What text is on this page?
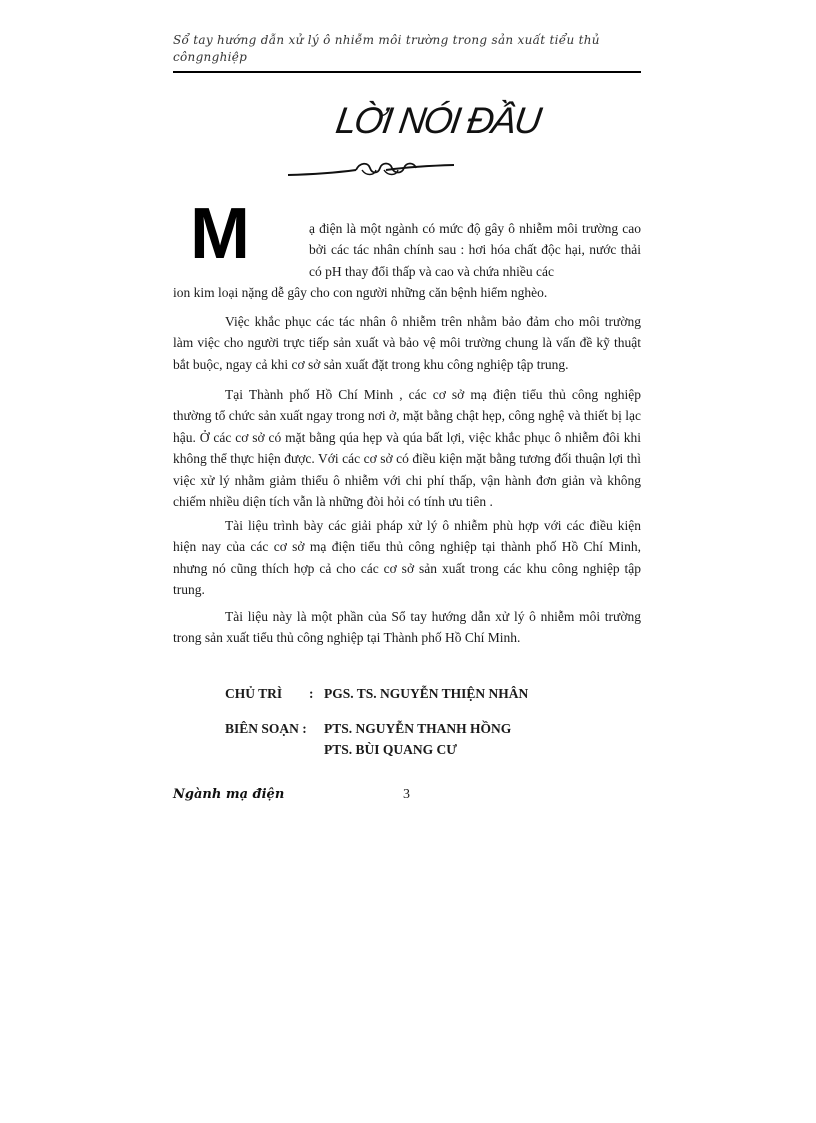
Sổ tay hướng dẫn xử lý ô nhiễm môi trường trong sản xuất tiểu thủ côngnghiệp
LỜI NÓI ĐẦU
M	ạ điện là một ngành có mức độ gây ô nhiễm môi trường cao bởi các tác nhân chính sau : hơi hóa chất độc hại, nước thải có pH thay đổi thấp và cao và chứa nhiều các

ion kim loại nặng dễ gây cho con người những căn bệnh hiểm nghèo.

Việc khắc phục các tác nhân ô nhiễm trên nhằm bảo đảm cho môi trường làm việc cho người trực tiếp sản xuất và bảo vệ môi trường chung là vấn đề kỹ thuật bắt buộc, ngay cả khi cơ sở sản xuất đặt trong khu công nghiệp tập trung.

Tại Thành phố Hồ Chí Minh , các cơ sở mạ điện tiểu thủ công nghiệp thường tổ chức sản xuất ngay trong nơi ở, mặt bằng chật hẹp, công nghệ và thiết bị lạc hậu. Ở các cơ sở có mặt bằng qúa hẹp và qúa bất lợi, việc khắc phục ô nhiễm đôi khi không thể thực hiện được. Với các cơ sở có điều kiện mặt bằng tương đối thuận lợi thì việc xử lý nhằm giảm thiểu ô nhiễm với chi phí thấp, vận hành đơn giản và không chiếm nhiều diện tích vẫn là những đòi hỏi có tính ưu tiên .

Tài liệu trình bày các giải pháp xử lý ô nhiễm phù hợp với các điều kiện hiện nay của các cơ sở mạ điện tiểu thủ công nghiệp tại thành phố Hồ Chí Minh, nhưng nó cũng thích hợp cả cho các cơ sở sản xuất trong các khu công nghiệp tập trung.

Tài liệu này là một phần của Sổ tay hướng dẫn xử lý ô nhiễm môi trường trong sản xuất tiểu thủ công nghiệp tại Thành phố Hồ Chí Minh.

CHỦ TRÌ	: PGS. TS. NGUYỄN THIỆN NHÂN
BIÊN SOẠN :	PTS. NGUYỄN THANH HỒNG
PTS. BÙI QUANG CƯ
Ngành mạ điện	3
